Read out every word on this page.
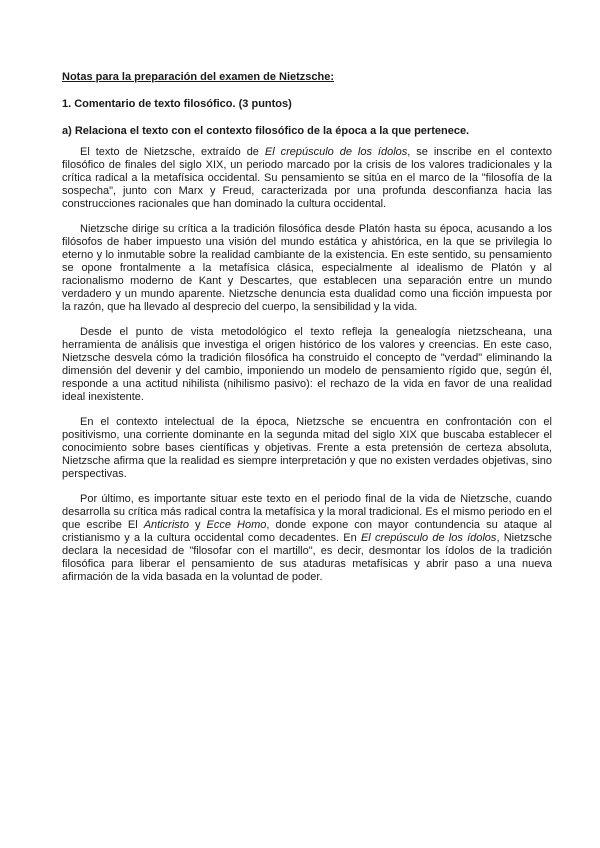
Notas para la preparación del examen de Nietzsche:
1. Comentario de texto filosófico. (3 puntos)
a) Relaciona el texto con el contexto filosófico de la época a la que pertenece.

El texto de Nietzsche, extraído de El crepúsculo de los ídolos, se inscribe en el contexto filosófico de finales del siglo XIX, un periodo marcado por la crisis de los valores tradicionales y la crítica radical a la metafísica occidental. Su pensamiento se sitúa en el marco de la "filosofía de la sospecha", junto con Marx y Freud, caracterizada por una profunda desconfianza hacia las construcciones racionales que han dominado la cultura occidental.

Nietzsche dirige su crítica a la tradición filosófica desde Platón hasta su época, acusando a los filósofos de haber impuesto una visión del mundo estática y ahistórica, en la que se privilegia lo eterno y lo inmutable sobre la realidad cambiante de la existencia. En este sentido, su pensamiento se opone frontalmente a la metafísica clásica, especialmente al idealismo de Platón y al racionalismo moderno de Kant y Descartes, que establecen una separación entre un mundo verdadero y un mundo aparente. Nietzsche denuncia esta dualidad como una ficción impuesta por la razón, que ha llevado al desprecio del cuerpo, la sensibilidad y la vida.

Desde el punto de vista metodológico el texto refleja la genealogía nietzscheana, una herramienta de análisis que investiga el origen histórico de los valores y creencias. En este caso, Nietzsche desvela cómo la tradición filosófica ha construido el concepto de "verdad" eliminando la dimensión del devenir y del cambio, imponiendo un modelo de pensamiento rígido que, según él, responde a una actitud nihilista (nihilismo pasivo): el rechazo de la vida en favor de una realidad ideal inexistente.

En el contexto intelectual de la época, Nietzsche se encuentra en confrontación con el positivismo, una corriente dominante en la segunda mitad del siglo XIX que buscaba establecer el conocimiento sobre bases científicas y objetivas. Frente a esta pretensión de certeza absoluta, Nietzsche afirma que la realidad es siempre interpretación y que no existen verdades objetivas, sino perspectivas.

Por último, es importante situar este texto en el periodo final de la vida de Nietzsche, cuando desarrolla su crítica más radical contra la metafísica y la moral tradicional. Es el mismo periodo en el que escribe El Anticristo y Ecce Homo, donde expone con mayor contundencia su ataque al cristianismo y a la cultura occidental como decadentes. En El crepúsculo de los ídolos, Nietzsche declara la necesidad de "filosofar con el martillo", es decir, desmontar los ídolos de la tradición filosófica para liberar el pensamiento de sus ataduras metafísicas y abrir paso a una nueva afirmación de la vida basada en la voluntad de poder.
